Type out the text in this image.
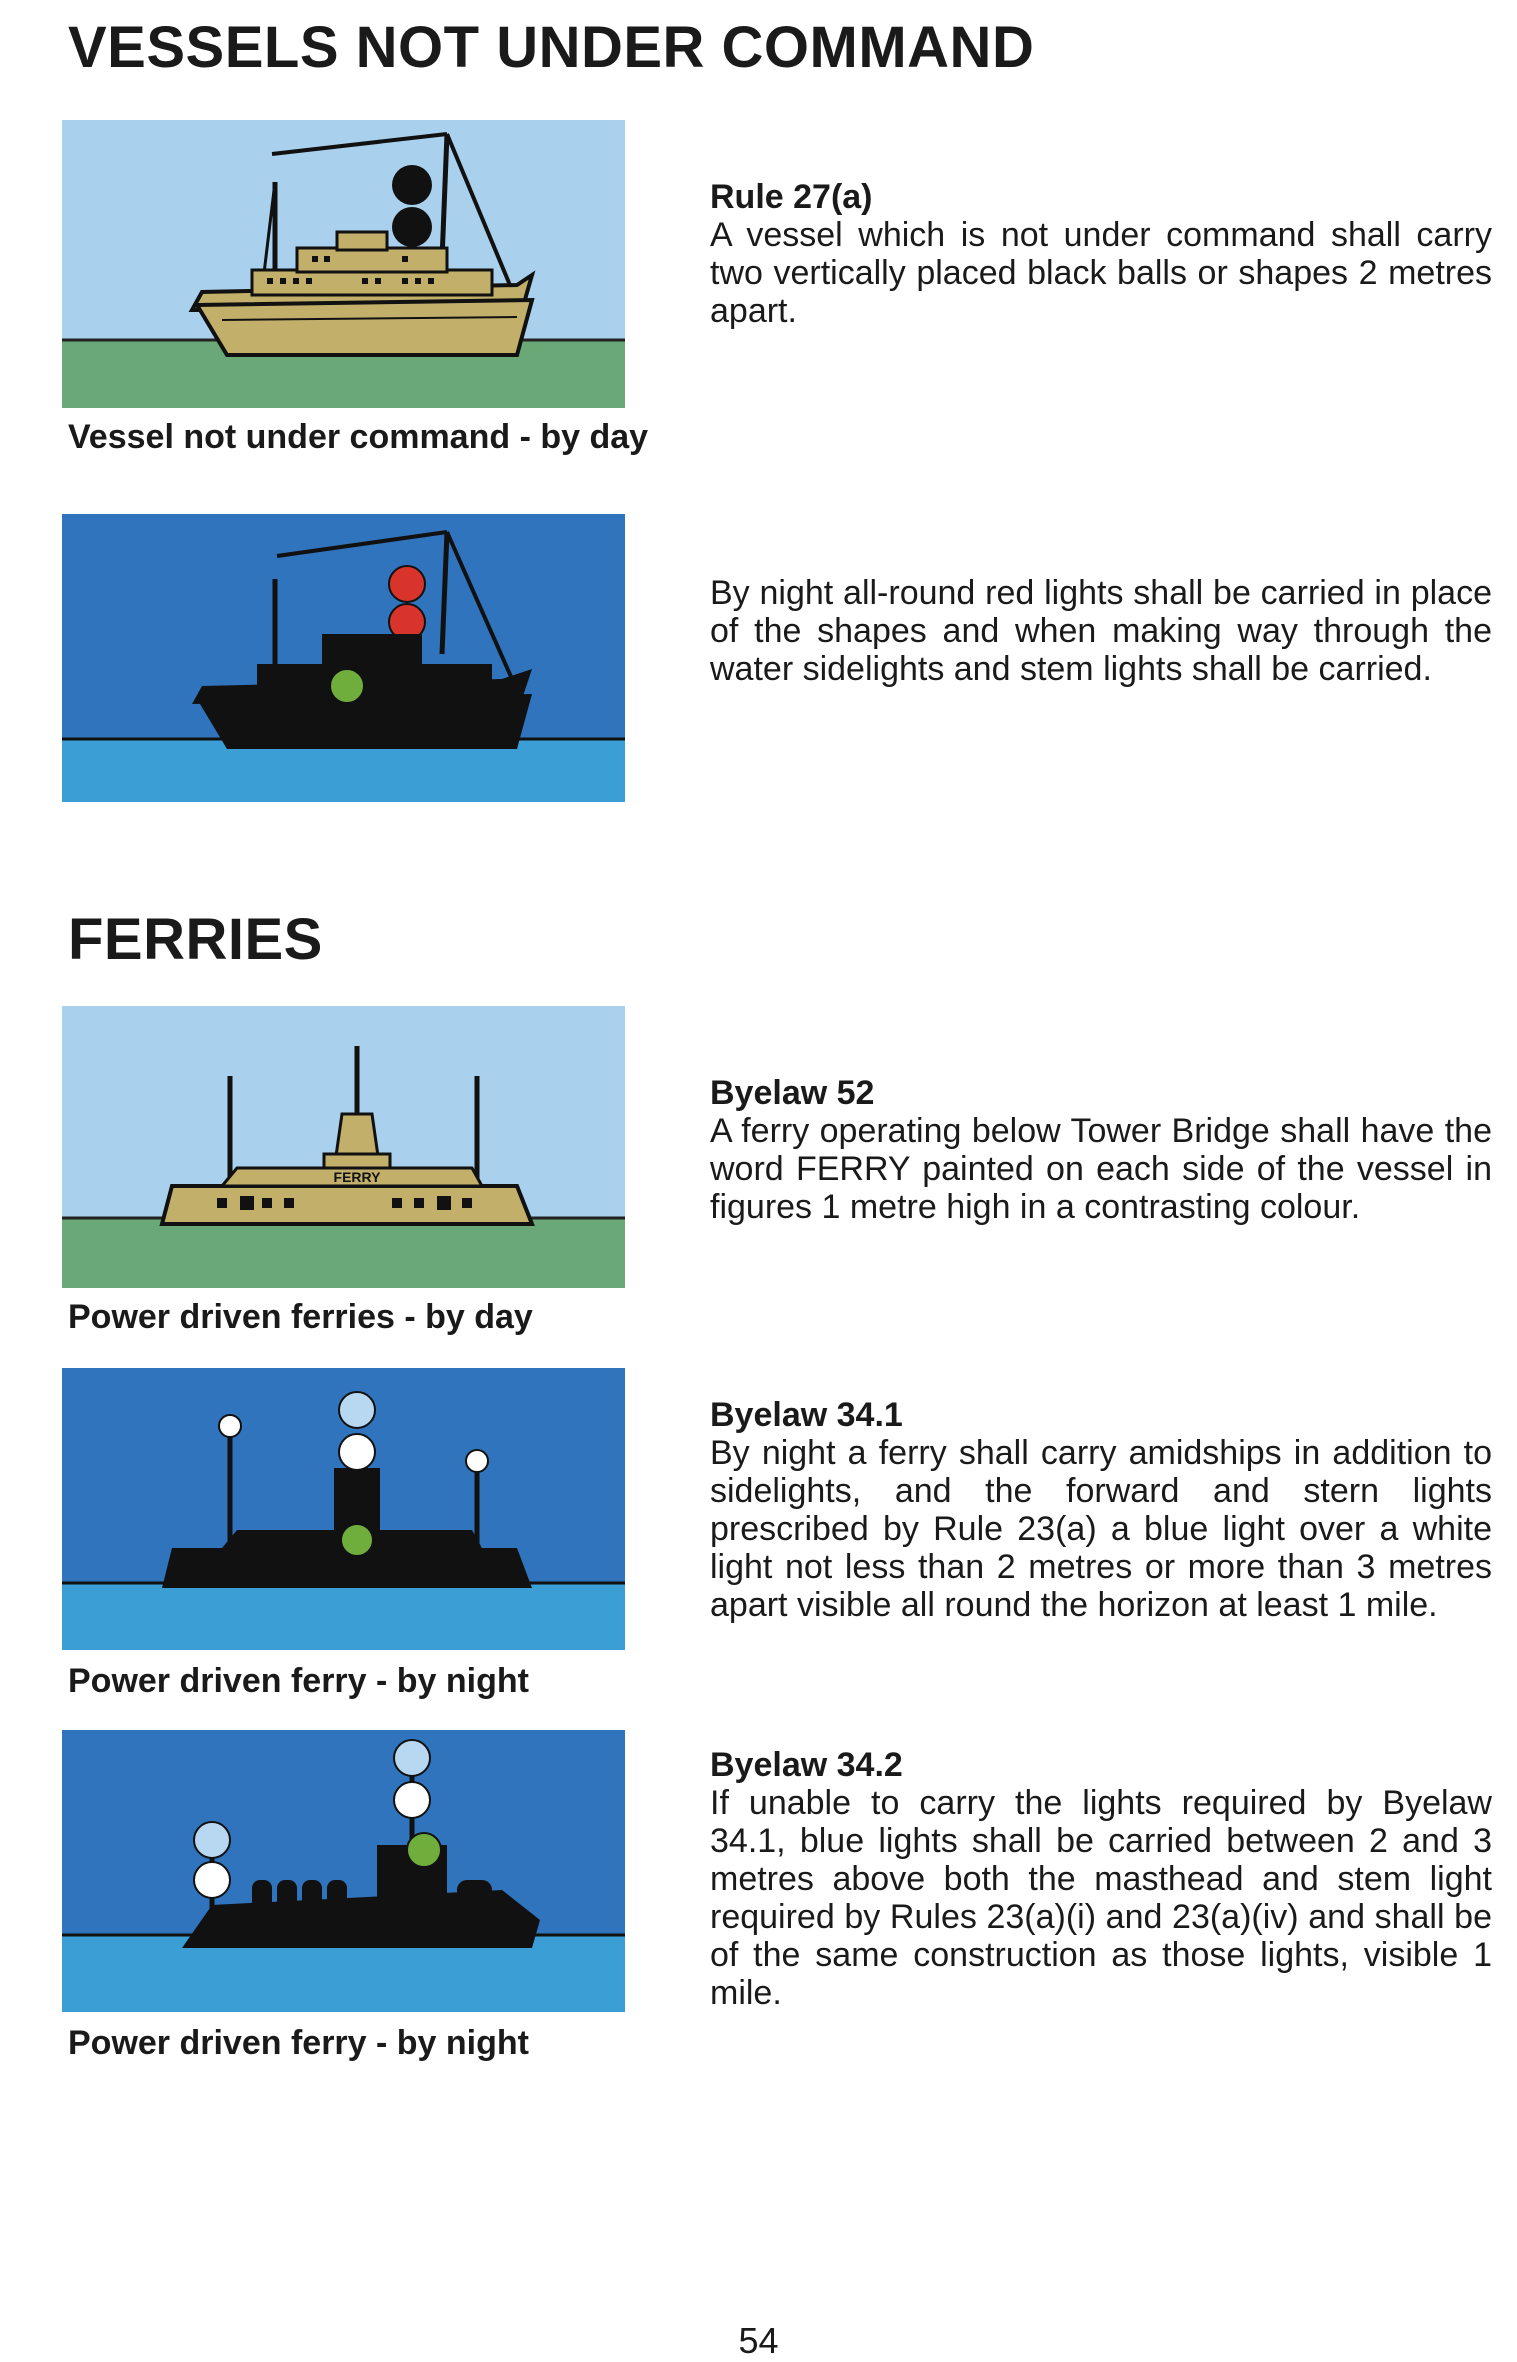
VESSELS NOT UNDER COMMAND
Vessel not under command - by day
Rule 27(a)
A vessel which is not under command shall carry two vertically placed black balls or shapes 2 metres apart.
By night all-round red lights shall be carried in place of the shapes and when making way through the water sidelights and stem lights shall be carried.
FERRIES
FERRY
Power driven ferries - by day
Byelaw 52
A ferry operating below Tower Bridge shall have the word FERRY painted on each side of the vessel in figures 1 metre high in a contrasting colour.
Power driven ferry - by night
Byelaw 34.1
By night a ferry shall carry amidships in addition to sidelights, and the forward and stern lights prescribed by Rule 23(a) a blue light over a white light not less than 2 metres or more than 3 metres apart visible all round the horizon at least 1 mile.
Power driven ferry - by night
Byelaw 34.2
If unable to carry the lights required by Byelaw 34.1, blue lights shall be carried between 2 and 3 metres above both the masthead and stem light required by Rules 23(a)(i) and 23(a)(iv) and shall be of the same construction as those lights, visible 1 mile.
54
